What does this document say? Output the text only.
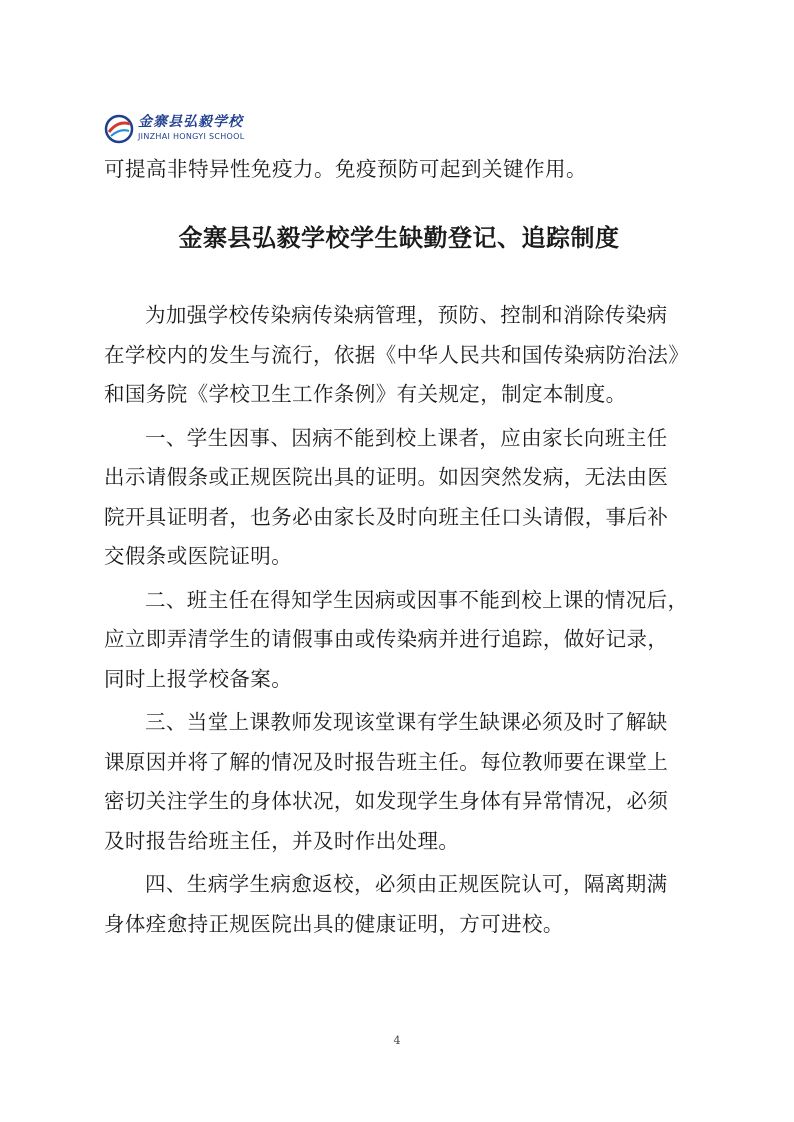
金寨县弘毅学校
JINZHAI HONGYI SCHOOL

可提高非特异性免疫力。免疫预防可起到关键作用。

金寨县弘毅学校学生缺勤登记、追踪制度

为加强学校传染病传染病管理，预防、控制和消除传染病
在学校内的发生与流行，依据《中华人民共和国传染病防治法》
和国务院《学校卫生工作条例》有关规定，制定本制度。

一、学生因事、因病不能到校上课者，应由家长向班主任
出示请假条或正规医院出具的证明。如因突然发病，无法由医
院开具证明者，也务必由家长及时向班主任口头请假，事后补
交假条或医院证明。

二、班主任在得知学生因病或因事不能到校上课的情况后，
应立即弄清学生的请假事由或传染病并进行追踪，做好记录，
同时上报学校备案。

三、当堂上课教师发现该堂课有学生缺课必须及时了解缺
课原因并将了解的情况及时报告班主任。每位教师要在课堂上
密切关注学生的身体状况，如发现学生身体有异常情况，必须
及时报告给班主任，并及时作出处理。

四、生病学生病愈返校，必须由正规医院认可，隔离期满
身体痊愈持正规医院出具的健康证明，方可进校。

4
